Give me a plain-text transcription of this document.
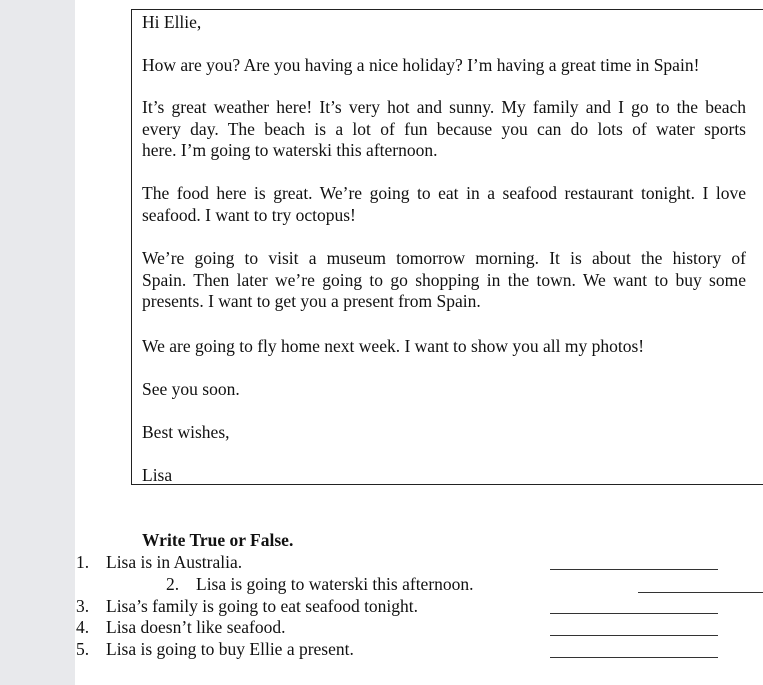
Hi Ellie,
How are you? Are you having a nice holiday? I’m having a great time in Spain!
It’s great weather here! It’s very hot and sunny. My family and I go to the beach
every day. The beach is a lot of fun because you can do lots of water sports
here. I’m going to waterski this afternoon.
The food here is great. We’re going to eat in a seafood restaurant tonight. I love
seafood. I want to try octopus!
We’re going to visit a museum tomorrow morning. It is about the history of
Spain. Then later we’re going to go shopping in the town. We want to buy some
presents. I want to get you a present from Spain.
We are going to fly home next week. I want to show you all my photos!
See you soon.
Best wishes,
Lisa
Write True or False.
1. Lisa is in Australia.
2. Lisa is going to waterski this afternoon.
3. Lisa’s family is going to eat seafood tonight.
4. Lisa doesn’t like seafood.
5. Lisa is going to buy Ellie a present.
